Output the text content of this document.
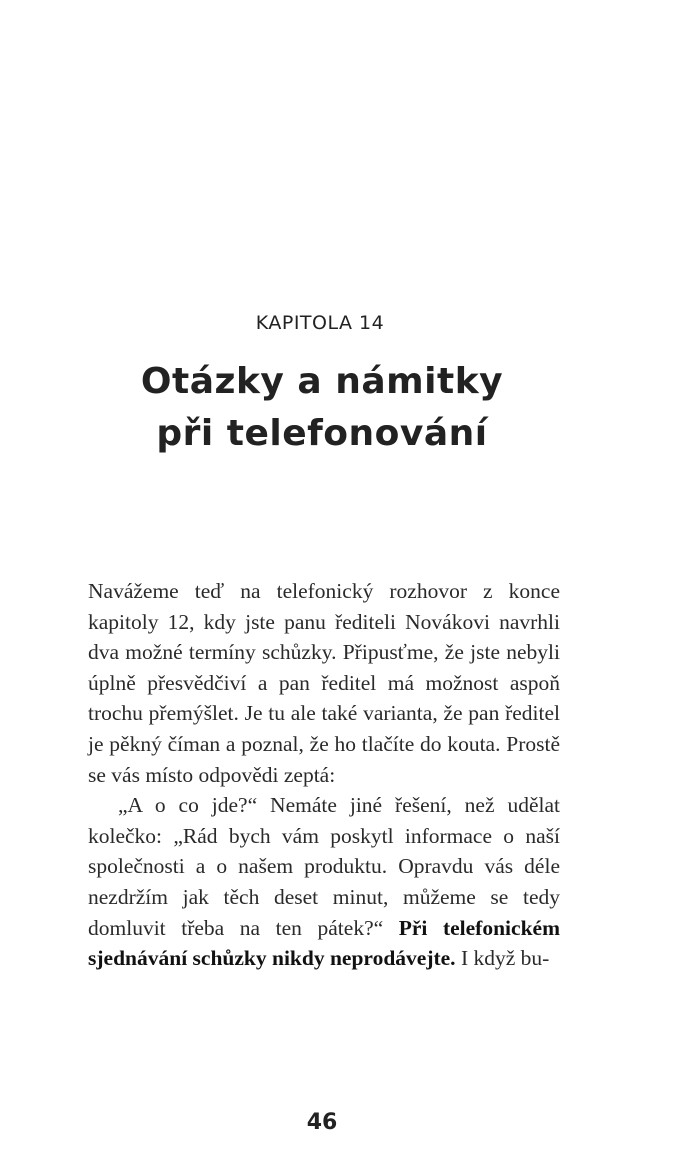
KAPITOLA 14
Otázky a námitky
při telefonování

Navážeme teď na telefonický rozhovor z konce kapitoly 12, kdy jste panu řediteli Novákovi navrhli dva možné termíny schůzky. Připusťme, že jste nebyli úplně přesvědčiví a pan ředitel má možnost aspoň trochu přemýšlet. Je tu ale také varianta, že pan ředitel je pěkný číman a poznal, že ho tlačíte do kouta. Prostě se vás místo odpovědi zeptá:

„A o co jde?“ Nemáte jiné řešení, než udělat kolečko: „Rád bych vám poskytl informace o naší společnosti a o našem produktu. Opravdu vás déle nezdržím jak těch deset minut, můžeme se tedy domluvit třeba na ten pátek?“ Při telefonickém sjednávání schůzky nikdy neprodávejte. I když bu-

46
